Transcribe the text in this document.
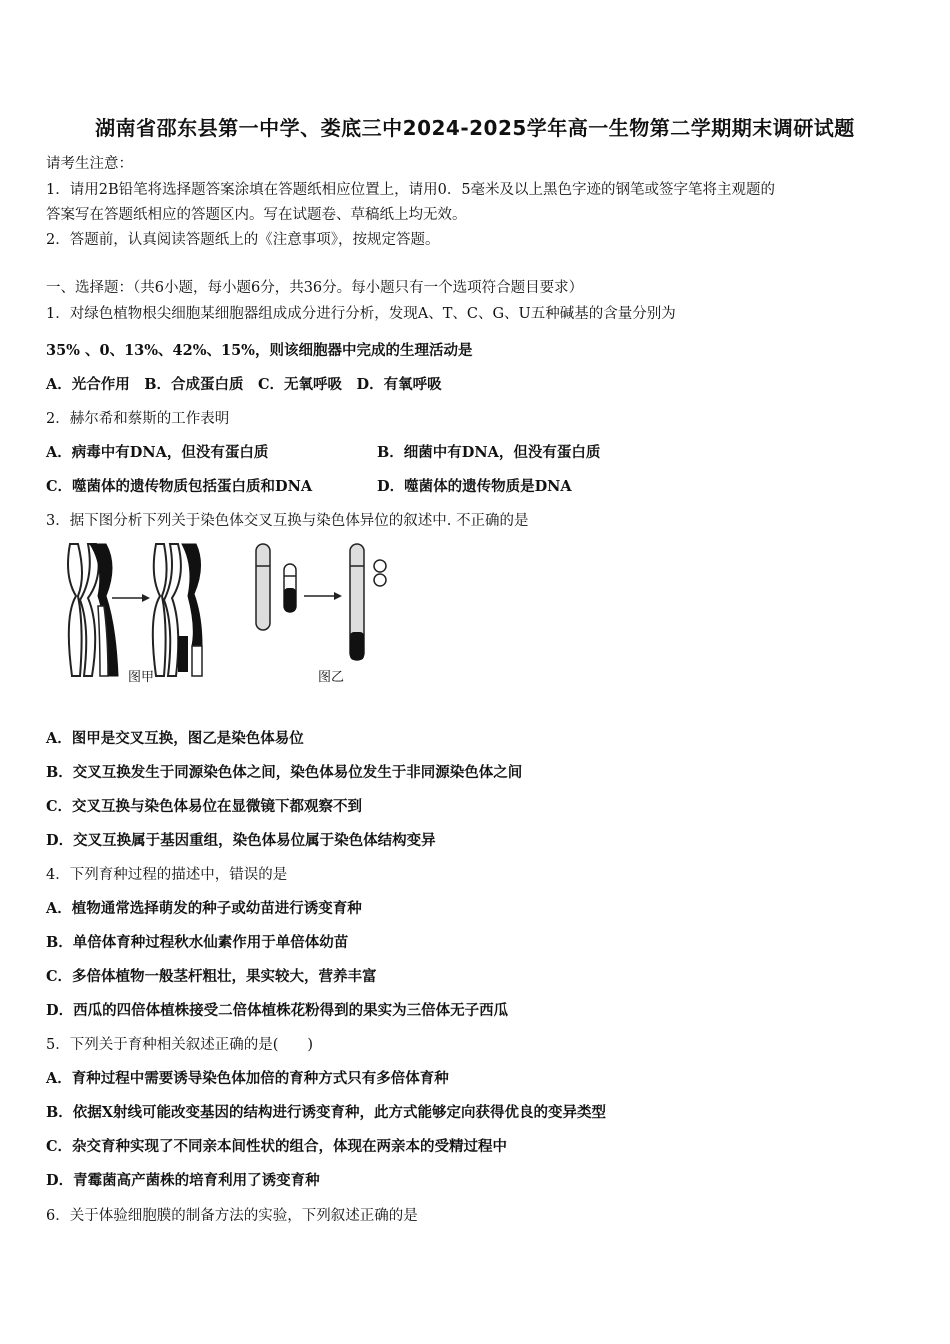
湖南省邵东县第一中学、娄底三中2024-2025学年高一生物第二学期期末调研试题
请考生注意：
1．请用2B铅笔将选择题答案涂填在答题纸相应位置上，请用0．5毫米及以上黑色字迹的钢笔或签字笔将主观题的
答案写在答题纸相应的答题区内。写在试题卷、草稿纸上均无效。
2．答题前，认真阅读答题纸上的《注意事项》，按规定答题。
一、选择题：（共6小题，每小题6分，共36分。每小题只有一个选项符合题目要求）
1．对绿色植物根尖细胞某细胞器组成成分进行分析，发现A、T、C、G、U五种碱基的含量分别为
35% 、0、13%、42%、15%，则该细胞器中完成的生理活动是
A．光合作用　B．合成蛋白质　C．无氧呼吸　D．有氧呼吸
2．赫尔希和蔡斯的工作表明
A．病毒中有DNA，但没有蛋白质	B．细菌中有DNA，但没有蛋白质
C．噬菌体的遗传物质包括蛋白质和DNA	D．噬菌体的遗传物质是DNA
3．据下图分析下列关于染色体交叉互换与染色体异位的叙述中. 不正确的是
图甲	图乙
A．图甲是交叉互换，图乙是染色体易位
B．交叉互换发生于同源染色体之间，染色体易位发生于非同源染色体之间
C．交叉互换与染色体易位在显微镜下都观察不到
D．交叉互换属于基因重组，染色体易位属于染色体结构变异
4．下列育种过程的描述中，错误的是
A．植物通常选择萌发的种子或幼苗进行诱变育种
B．单倍体育种过程秋水仙素作用于单倍体幼苗
C．多倍体植物一般茎杆粗壮，果实较大，营养丰富
D．西瓜的四倍体植株接受二倍体植株花粉得到的果实为三倍体无子西瓜
5．下列关于育种相关叙述正确的是(　　)
A．育种过程中需要诱导染色体加倍的育种方式只有多倍体育种
B．依据X射线可能改变基因的结构进行诱变育种，此方式能够定向获得优良的变异类型
C．杂交育种实现了不同亲本间性状的组合，体现在两亲本的受精过程中
D．青霉菌高产菌株的培育利用了诱变育种
6．关于体验细胞膜的制备方法的实验，下列叙述正确的是
